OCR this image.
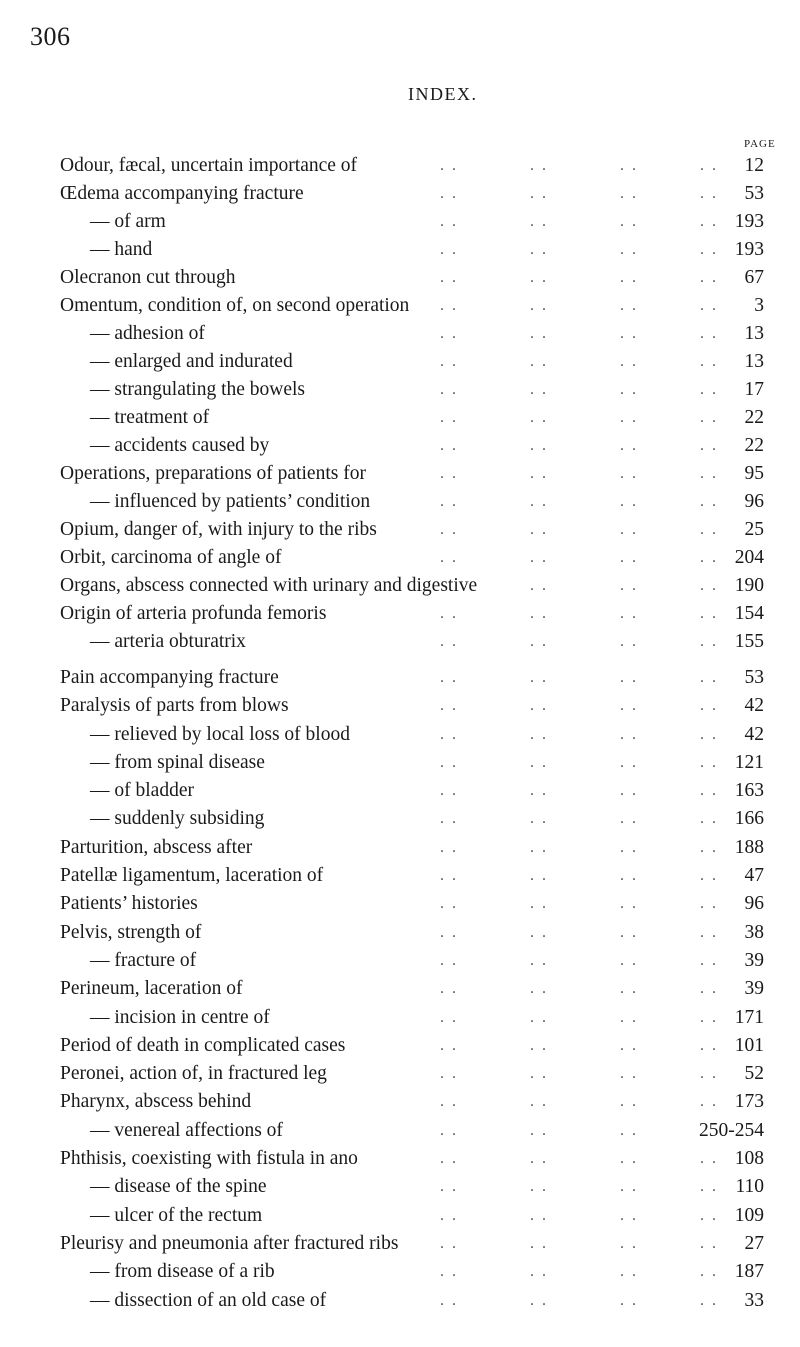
306
INDEX.
PAGE
. .	. .	. .	. .
Odour, fæcal, uncertain importance of	12
. .	. .	. .	. .
Œdema accompanying fracture	53
. .	. .	. .	. .
— of arm	193
. .	. .	. .	. .
— hand	193
. .	. .	. .	. .
Olecranon cut through	67
. .	. .	. .	. .
Omentum, condition of, on second operation	3
. .	. .	. .	. .
— adhesion of	13
. .	. .	. .	. .
— enlarged and indurated	13
. .	. .	. .	. .
— strangulating the bowels	17
. .	. .	. .	. .
— treatment of	22
. .	. .	. .	. .
— accidents caused by	22
. .	. .	. .	. .
Operations, preparations of patients for	95
. .	. .	. .	. .
— influenced by patients’ condition	96
. .	. .	. .	. .
Opium, danger of, with injury to the ribs	25
. .	. .	. .	. .
Orbit, carcinoma of angle of	204
. .	. .	. .
Organs, abscess connected with urinary and digestive	190
. .	. .	. .	. .
Origin of arteria profunda femoris	154
. .	. .	. .	. .
— arteria obturatrix	155
. .	. .	. .	. .
Pain accompanying fracture	53
. .	. .	. .	. .
Paralysis of parts from blows	42
. .	. .	. .	. .
— relieved by local loss of blood	42
. .	. .	. .	. .
— from spinal disease	121
. .	. .	. .	. .
— of bladder	163
. .	. .	. .	. .
— suddenly subsiding	166
. .	. .	. .	. .
Parturition, abscess after	188
. .	. .	. .	. .
Patellæ ligamentum, laceration of	47
. .	. .	. .	. .
Patients’ histories	96
. .	. .	. .	. .
Pelvis, strength of	38
. .	. .	. .	. .
— fracture of	39
. .	. .	. .	. .
Perineum, laceration of	39
. .	. .	. .	. .
— incision in centre of	171
. .	. .	. .	. .
Period of death in complicated cases	101
. .	. .	. .	. .
Peronei, action of, in fractured leg	52
. .	. .	. .	. .
Pharynx, abscess behind	173
. .	. .	. .
— venereal affections of	250-254
. .	. .	. .	. .
Phthisis, coexisting with fistula in ano	108
. .	. .	. .	. .
— disease of the spine	110
. .	. .	. .	. .
— ulcer of the rectum	109
. .	. .	. .	. .
Pleurisy and pneumonia after fractured ribs	27
. .	. .	. .	. .
— from disease of a rib	187
. .	. .	. .	. .
— dissection of an old case of	33
